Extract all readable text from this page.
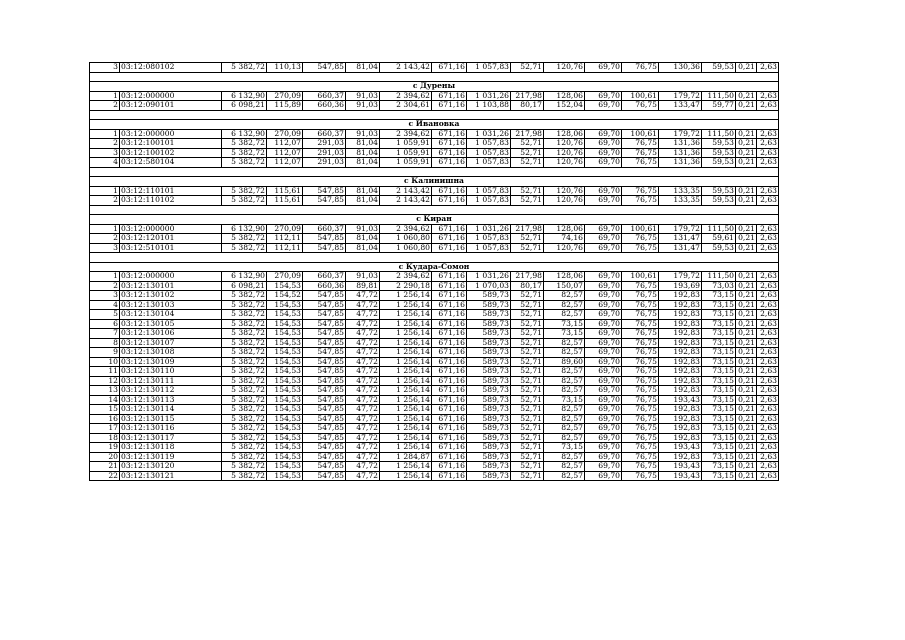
3	03:12:080102	5 382,72	110,13	547,85	81,04	2 143,42	671,16	1 057,83	52,71	120,76	69,70	76,75	130,36	59,53	0,21	2,63

с Дурены																
1	03:12:000000	6 132,90	270,09	660,37	91,03	2 394,62	671,16	1 031,26	217,98	128,06	69,70	100,61	179,72	111,50	0,21	2,63
2	03:12:090101	6 098,21	115,89	660,36	91,03	2 304,61	671,16	1 103,88	80,17	152,04	69,70	76,75	133,47	59,77	0,21	2,63

с Ивановка																
1	03:12:000000	6 132,90	270,09	660,37	91,03	2 394,62	671,16	1 031,26	217,98	128,06	69,70	100,61	179,72	111,50	0,21	2,63
2	03:12:100101	5 382,72	112,07	291,03	81,04	1 059,91	671,16	1 057,83	52,71	120,76	69,70	76,75	131,36	59,53	0,21	2,63
3	03:12:100102	5 382,72	112,07	291,03	81,04	1 059,91	671,16	1 057,83	52,71	120,76	69,70	76,75	131,36	59,53	0,21	2,63
4	03:12:580104	5 382,72	112,07	291,03	81,04	1 059,91	671,16	1 057,83	52,71	120,76	69,70	76,75	131,36	59,53	0,21	2,63

с Калинишна																
1	03:12:110101	5 382,72	115,61	547,85	81,04	2 143,42	671,16	1 057,83	52,71	120,76	69,70	76,75	133,35	59,53	0,21	2,63
2	03:12:110102	5 382,72	115,61	547,85	81,04	2 143,42	671,16	1 057,83	52,71	120,76	69,70	76,75	133,35	59,53	0,21	2,63

с Киран																
1	03:12:000000	6 132,90	270,09	660,37	91,03	2 394,62	671,16	1 031,26	217,98	128,06	69,70	100,61	179,72	111,50	0,21	2,63
2	03:12:120101	5 382,72	112,11	547,85	81,04	1 060,80	671,16	1 057,83	52,71	74,16	69,70	76,75	131,47	59,61	0,21	2,63
3	03:12:510101	5 382,72	112,11	547,85	81,04	1 060,80	671,16	1 057,83	52,71	120,76	69,70	76,75	131,47	59,53	0,21	2,63

с Кудара-Сомон																
1	03:12:000000	6 132,90	270,09	660,37	91,03	2 394,62	671,16	1 031,26	217,98	128,06	69,70	100,61	179,72	111,50	0,21	2,63
2	03:12:130101	6 098,21	154,53	660,36	89,81	2 290,18	671,16	1 070,03	80,17	150,07	69,70	76,75	193,69	73,03	0,21	2,63
3	03:12:130102	5 382,72	154,52	547,85	47,72	1 256,14	671,16	589,73	52,71	82,57	69,70	76,75	192,83	73,15	0,21	2,63
4	03:12:130103	5 382,72	154,53	547,85	47,72	1 256,14	671,16	589,73	52,71	82,57	69,70	76,75	192,83	73,15	0,21	2,63
5	03:12:130104	5 382,72	154,53	547,85	47,72	1 256,14	671,16	589,73	52,71	82,57	69,70	76,75	192,83	73,15	0,21	2,63
6	03:12:130105	5 382,72	154,53	547,85	47,72	1 256,14	671,16	589,73	52,71	73,15	69,70	76,75	192,83	73,15	0,21	2,63
7	03:12:130106	5 382,72	154,53	547,85	47,72	1 256,14	671,16	589,73	52,71	73,15	69,70	76,75	192,83	73,15	0,21	2,63
8	03:12:130107	5 382,72	154,53	547,85	47,72	1 256,14	671,16	589,73	52,71	82,57	69,70	76,75	192,83	73,15	0,21	2,63
9	03:12:130108	5 382,72	154,53	547,85	47,72	1 256,14	671,16	589,73	52,71	82,57	69,70	76,75	192,83	73,15	0,21	2,63
10	03:12:130109	5 382,72	154,53	547,85	47,72	1 256,14	671,16	589,73	52,71	89,60	69,70	76,75	192,83	73,15	0,21	2,63
11	03:12:130110	5 382,72	154,53	547,85	47,72	1 256,14	671,16	589,73	52,71	82,57	69,70	76,75	192,83	73,15	0,21	2,63
12	03:12:130111	5 382,72	154,53	547,85	47,72	1 256,14	671,16	589,73	52,71	82,57	69,70	76,75	192,83	73,15	0,21	2,63
13	03:12:130112	5 382,72	154,53	547,85	47,72	1 256,14	671,16	589,73	52,71	82,57	69,70	76,75	192,83	73,15	0,21	2,63
14	03:12:130113	5 382,72	154,53	547,85	47,72	1 256,14	671,16	589,73	52,71	73,15	69,70	76,75	193,43	73,15	0,21	2,63
15	03:12:130114	5 382,72	154,53	547,85	47,72	1 256,14	671,16	589,73	52,71	82,57	69,70	76,75	192,83	73,15	0,21	2,63
16	03:12:130115	5 382,72	154,53	547,85	47,72	1 256,14	671,16	589,73	52,71	82,57	69,70	76,75	192,83	73,15	0,21	2,63
17	03:12:130116	5 382,72	154,53	547,85	47,72	1 256,14	671,16	589,73	52,71	82,57	69,70	76,75	192,83	73,15	0,21	2,63
18	03:12:130117	5 382,72	154,53	547,85	47,72	1 256,14	671,16	589,73	52,71	82,57	69,70	76,75	192,83	73,15	0,21	2,63
19	03:12:130118	5 382,72	154,53	547,85	47,72	1 256,14	671,16	589,73	52,71	73,15	69,70	76,75	193,43	73,15	0,21	2,63
20	03:12:130119	5 382,72	154,53	547,85	47,72	1 284,87	671,16	589,73	52,71	82,57	69,70	76,75	192,83	73,15	0,21	2,63
21	03:12:130120	5 382,72	154,53	547,85	47,72	1 256,14	671,16	589,73	52,71	82,57	69,70	76,75	193,43	73,15	0,21	2,63
22	03:12:130121	5 382,72	154,53	547,85	47,72	1 256,14	671,16	589,73	52,71	82,57	69,70	76,75	193,43	73,15	0,21	2,63
